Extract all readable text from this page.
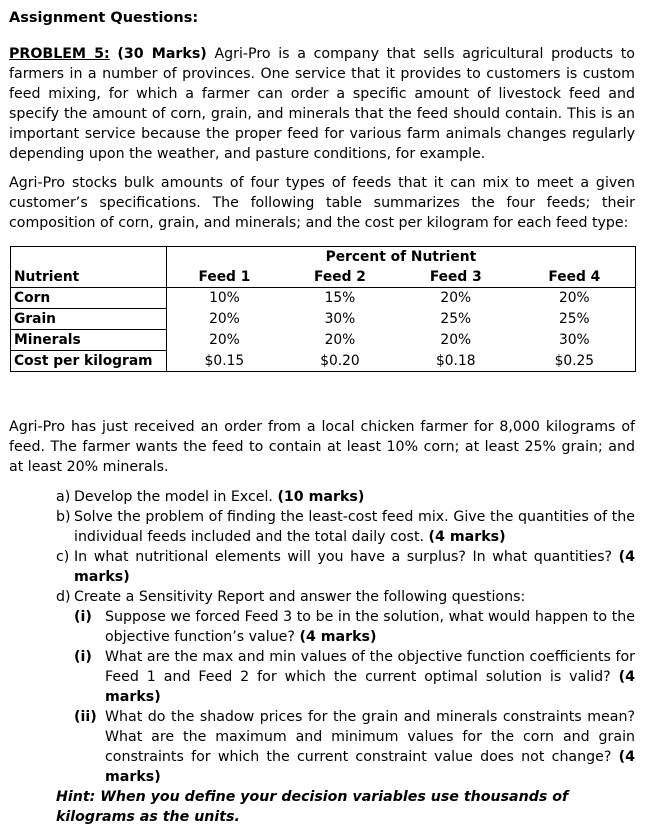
Assignment Questions:

PROBLEM 5: (30 Marks) Agri-Pro is a company that sells agricultural products to farmers in a number of provinces. One service that it provides to customers is custom feed mixing, for which a farmer can order a specific amount of livestock feed and specify the amount of corn, grain, and minerals that the feed should contain. This is an important service because the proper feed for various farm animals changes regularly depending upon the weather, and pasture conditions, for example.

Agri-Pro stocks bulk amounts of four types of feeds that it can mix to meet a given customer’s specifications. The following table summarizes the four feeds; their composition of corn, grain, and minerals; and the cost per kilogram for each feed type:

	Percent of Nutrient			
Nutrient	Feed 1	Feed 2	Feed 3	Feed 4
Corn	10%	15%	20%	20%
Grain	20%	30%	25%	25%
Minerals	20%	20%	20%	30%
Cost per kilogram	$0.15	$0.20	$0.18	$0.25

Agri-Pro has just received an order from a local chicken farmer for 8,000 kilograms of feed. The farmer wants the feed to contain at least 10% corn; at least 25% grain; and at least 20% minerals.

a) Develop the model in Excel. (10 marks)
b) Solve the problem of finding the least-cost feed mix. Give the quantities of the individual feeds included and the total daily cost. (4 marks)
c) In what nutritional elements will you have a surplus? In what quantities? (4 marks)
d) Create a Sensitivity Report and answer the following questions:
(i) Suppose we forced Feed 3 to be in the solution, what would happen to the objective function’s value? (4 marks)
(i) What are the max and min values of the objective function coefficients for Feed 1 and Feed 2 for which the current optimal solution is valid? (4 marks)
(ii) What do the shadow prices for the grain and minerals constraints mean? What are the maximum and minimum values for the corn and grain constraints for which the current constraint value does not change? (4 marks)
Hint: When you define your decision variables use thousands of kilograms as the units.
